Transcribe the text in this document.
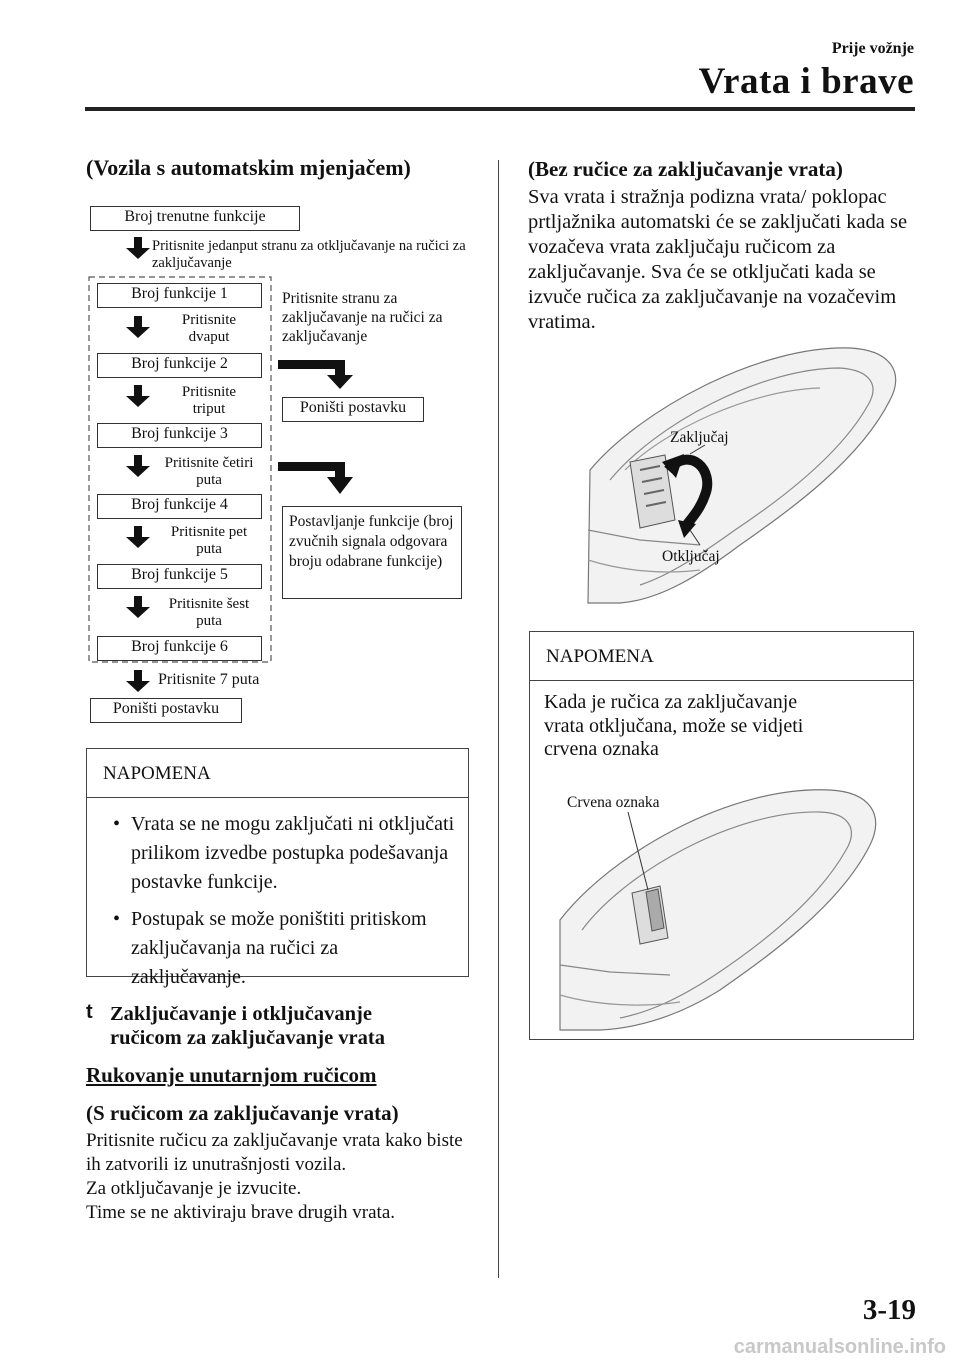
Prije vožnje
Vrata i brave
(Vozila s automatskim mjenjačem)
Broj trenutne funkcije
Pritisnite jedanput stranu za otključavanje na ručici za zaključavanje
Broj funkcije 1
Pritisnite dvaput
Broj funkcije 2
Pritisnite triput
Broj funkcije 3
Pritisnite četiri puta
Broj funkcije 4
Pritisnite pet puta
Broj funkcije 5
Pritisnite šest puta
Broj funkcije 6
Pritisnite 7 puta
Poništi postavku
Pritisnite stranu za zaključavanje na ručici za zaključavanje
Poništi postavku
Postavljanje funkcije (broj zvučnih signala odgovara broju odabrane funkcije)
NAPOMENA
• Vrata se ne mogu zaključati ni otključati prilikom izvedbe postupka podešavanja postavke funkcije.
• Postupak se može poništiti pritiskom zaključavanja na ručici za zaključavanje.
t Zaključavanje i otključavanje ručicom za zaključavanje vrata
Rukovanje unutarnjom ručicom
(S ručicom za zaključavanje vrata)
Pritisnite ručicu za zaključavanje vrata kako biste ih zatvorili iz unutrašnjosti vozila.
Za otključavanje je izvucite.
Time se ne aktiviraju brave drugih vrata.
(Bez ručice za zaključavanje vrata)
Sva vrata i stražnja podizna vrata/ poklopac prtljažnika automatski će se zaključati kada se vozačeva vrata zaključaju ručicom za zaključavanje. Sva će se otključati kada se izvuče ručica za zaključavanje na vozačevim vratima.
Zaključaj
Otključaj
NAPOMENA
Kada je ručica za zaključavanje vrata otključana, može se vidjeti crvena oznaka
Crvena oznaka
3-19
carmanualsonline.info
